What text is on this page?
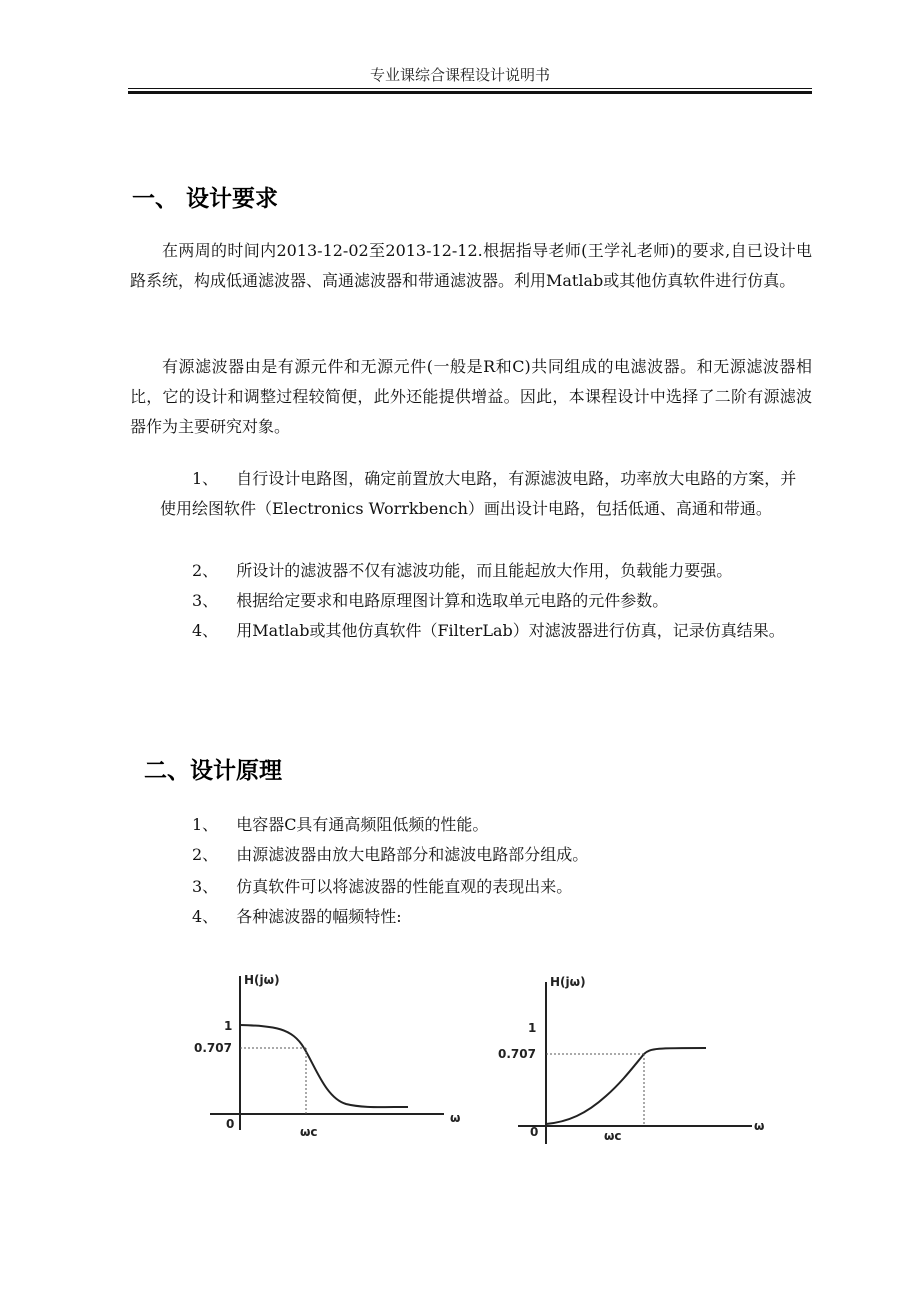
专业课综合课程设计说明书
一、 设计要求
在两周的时间内2013-12-02至2013-12-12.根据指导老师(王学礼老师)的要求,自已设计电路系统，构成低通滤波器、高通滤波器和带通滤波器。利用Matlab或其他仿真软件进行仿真。
有源滤波器由是有源元件和无源元件(一般是R和C)共同组成的电滤波器。和无源滤波器相比，它的设计和调整过程较简便，此外还能提供增益。因此，本课程设计中选择了二阶有源滤波器作为主要研究对象。
1、 自行设计电路图，确定前置放大电路，有源滤波电路，功率放大电路的方案，并使用绘图软件（Electronics Worrkbench）画出设计电路，包括低通、高通和带通。
2、 所设计的滤波器不仅有滤波功能，而且能起放大作用，负载能力要强。
3、 根据给定要求和电路原理图计算和选取单元电路的元件参数。
4、 用Matlab或其他仿真软件（FilterLab）对滤波器进行仿真，记录仿真结果。
二、设计原理
1、 电容器C具有通高频阻低频的性能。
2、 由源滤波器由放大电路部分和滤波电路部分组成。
3、 仿真软件可以将滤波器的性能直观的表现出来。
4、 各种滤波器的幅频特性:
H(jω)
1
0.707
0
ωc
ω
H(jω)
1
0.707
0	ωc
ω
